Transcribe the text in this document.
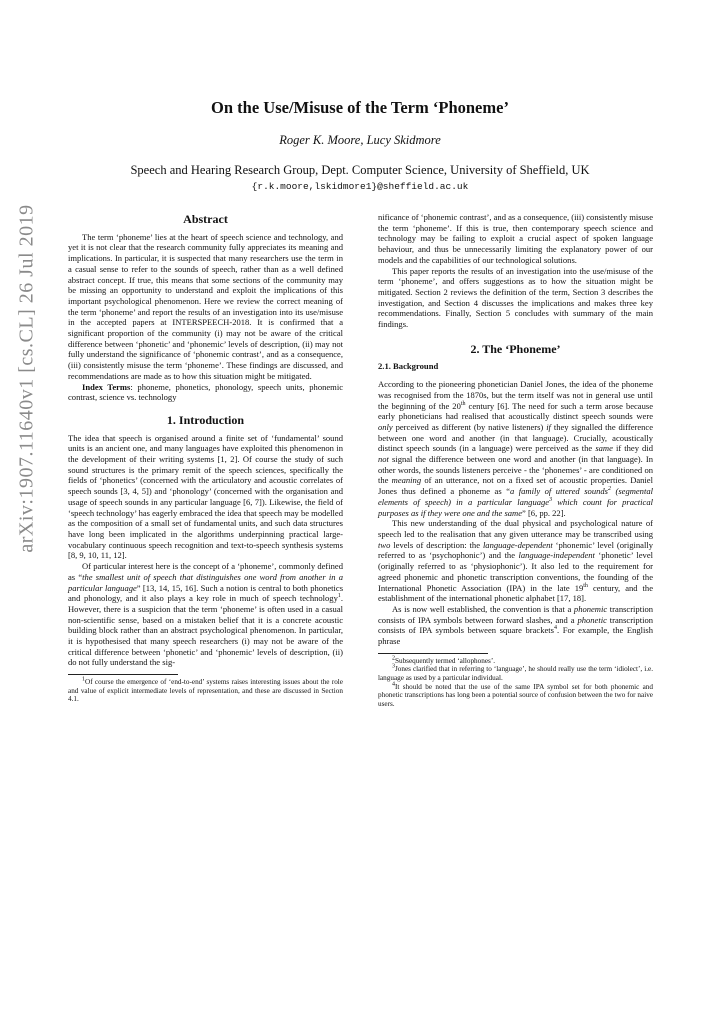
arXiv:1907.11640v1 [cs.CL] 26 Jul 2019
On the Use/Misuse of the Term ‘Phoneme’
Roger K. Moore, Lucy Skidmore
Speech and Hearing Research Group, Dept. Computer Science, University of Sheffield, UK
{r.k.moore,lskidmore1}@sheffield.ac.uk
Abstract

The term ‘phoneme’ lies at the heart of speech science and technology, and yet it is not clear that the research community fully appreciates its meaning and implications. In particular, it is suspected that many researchers use the term in a casual sense to refer to the sounds of speech, rather than as a well defined abstract concept. If true, this means that some sections of the community may be missing an opportunity to understand and exploit the implications of this important psychological phenomenon. Here we review the correct meaning of the term ‘phoneme’ and report the results of an investigation into its use/misuse in the accepted papers at INTERSPEECH-2018. It is confirmed that a significant proportion of the community (i) may not be aware of the critical difference between ‘phonetic’ and ‘phonemic’ levels of description, (ii) may not fully understand the significance of ‘phonemic contrast’, and as a consequence, (iii) consistently misuse the term ‘phoneme’. These findings are discussed, and recommendations are made as to how this situation might be mitigated.

Index Terms: phoneme, phonetics, phonology, speech units, phonemic contrast, science vs. technology

1. Introduction

The idea that speech is organised around a finite set of ‘fundamental’ sound units is an ancient one, and many languages have exploited this phenomenon in the development of their writing systems [1, 2]. Of course the study of such sound structures is the primary remit of the speech sciences, specifically the fields of ‘phonetics’ (concerned with the articulatory and acoustic correlates of speech sounds [3, 4, 5]) and ‘phonology’ (concerned with the organisation and usage of speech sounds in any particular language [6, 7]). Likewise, the field of ‘speech technology’ has eagerly embraced the idea that speech may be modelled as the composition of a small set of fundamental units, and such data structures have long been implicated in the algorithms underpinning practical large-vocabulary continuous speech recognition and text-to-speech synthesis systems [8, 9, 10, 11, 12].

Of particular interest here is the concept of a ‘phoneme’, commonly defined as “the smallest unit of speech that distinguishes one word from another in a particular language” [13, 14, 15, 16]. Such a notion is central to both phonetics and phonology, and it also plays a key role in much of speech technology$^1$. However, there is a suspicion that the term ‘phoneme’ is often used in a casual non-scientific sense, based on a mistaken belief that it is a concrete acoustic building block rather than an abstract psychological phenomenon. In particular, it is hypothesised that many speech researchers (i) may not be aware of the critical difference between ‘phonetic’ and ‘phonemic’ levels of description, (ii) do not fully understand the sig-

$^1$Of course the emergence of ‘end-to-end’ systems raises interesting issues about the role and value of explicit intermediate levels of representation, and these are discussed in Section 4.1.

nificance of ‘phonemic contrast’, and as a consequence, (iii) consistently misuse the term ‘phoneme’. If this is true, then contemporary speech science and technology may be failing to exploit a crucial aspect of spoken language behaviour, and thus be unnecessarily limiting the explanatory power of our models and the capabilities of our technological solutions.

This paper reports the results of an investigation into the use/misuse of the term ‘phoneme’, and offers suggestions as to how the situation might be mitigated. Section 2 reviews the definition of the term, Section 3 describes the investigation, and Section 4 discusses the implications and makes three key recommendations. Finally, Section 5 concludes with summary of the main findings.

2. The ‘Phoneme’
2.1. Background

According to the pioneering phonetician Daniel Jones, the idea of the phoneme was recognised from the 1870s, but the term itself was not in general use until the beginning of the 20th century [6]. The need for such a term arose because early phoneticians had realised that acoustically distinct speech sounds were only perceived as different (by native listeners) if they signalled the difference between one word and another (in that language). Crucially, acoustically distinct speech sounds (in a language) were perceived as the same if they did not signal the difference between one word and another (in that language). In other words, the sounds listeners perceive - the ‘phonemes’ - are conditioned on the meaning of an utterance, not on a fixed set of acoustic properties. Daniel Jones thus defined a phoneme as “a family of uttered sounds$^2$ (segmental elements of speech) in a particular language$^3$ which count for practical purposes as if they were one and the same” [6, pp. 22].

This new understanding of the dual physical and psychological nature of speech led to the realisation that any given utterance may be transcribed using two levels of description: the language-dependent ‘phonemic’ level (originally referred to as ‘psychophonic’) and the language-independent ‘phonetic’ level (originally referred to as ‘physiophonic’). It also led to the requirement for agreed phonemic and phonetic transcription conventions, the founding of the International Phonetic Association (IPA) in the late 19th century, and the establishment of the international phonetic alphabet [17, 18].

As is now well established, the convention is that a phonemic transcription consists of IPA symbols between forward slashes, and a phonetic transcription consists of IPA symbols between square brackets$^4$. For example, the English phrase

$^2$Subsequently termed ‘allophones’.

$^3$Jones clarified that in referring to ‘language’, he should really use the term ‘idiolect’, i.e. language as used by a particular individual.

$^4$It should be noted that the use of the same IPA symbol set for both phonemic and phonetic transcriptions has long been a potential source of confusion between the two for naive users.
